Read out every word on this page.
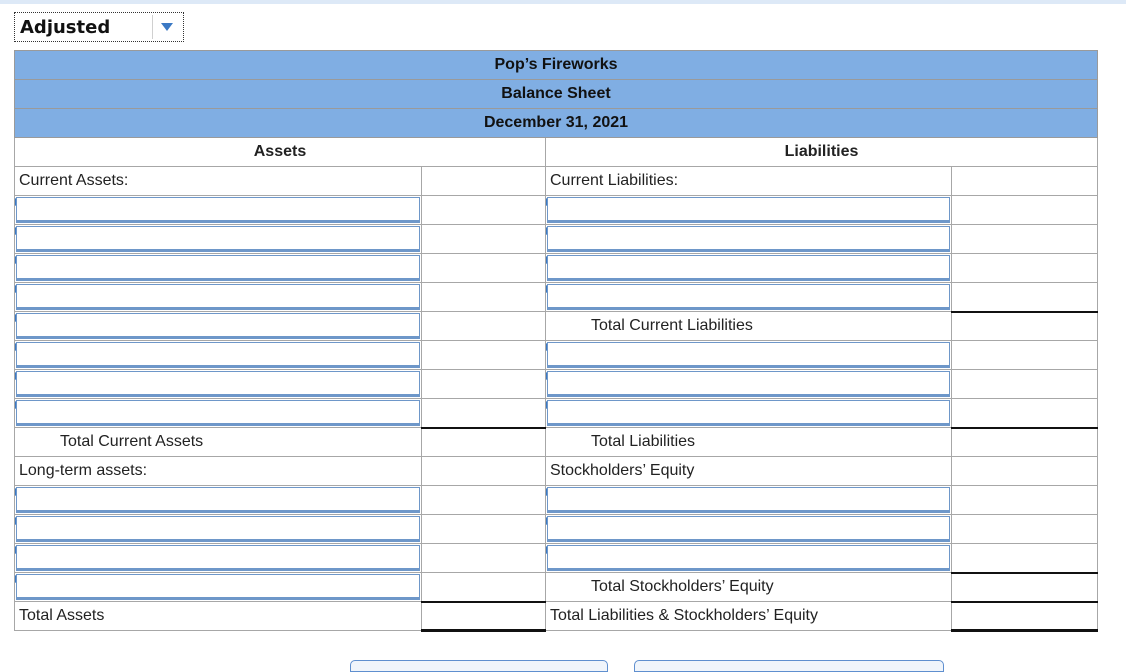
Adjusted
Pop’s Fireworks			
Balance Sheet			
December 31, 2021			
Assets		Liabilities	
Current Assets:		Current Liabilities:	

		Total Current Liabilities	

Total Current Assets		Total Liabilities	
Long-term assets:		Stockholders’ Equity	

		Total Stockholders’ Equity	
Total Assets		Total Liabilities & Stockholders’ Equity	
